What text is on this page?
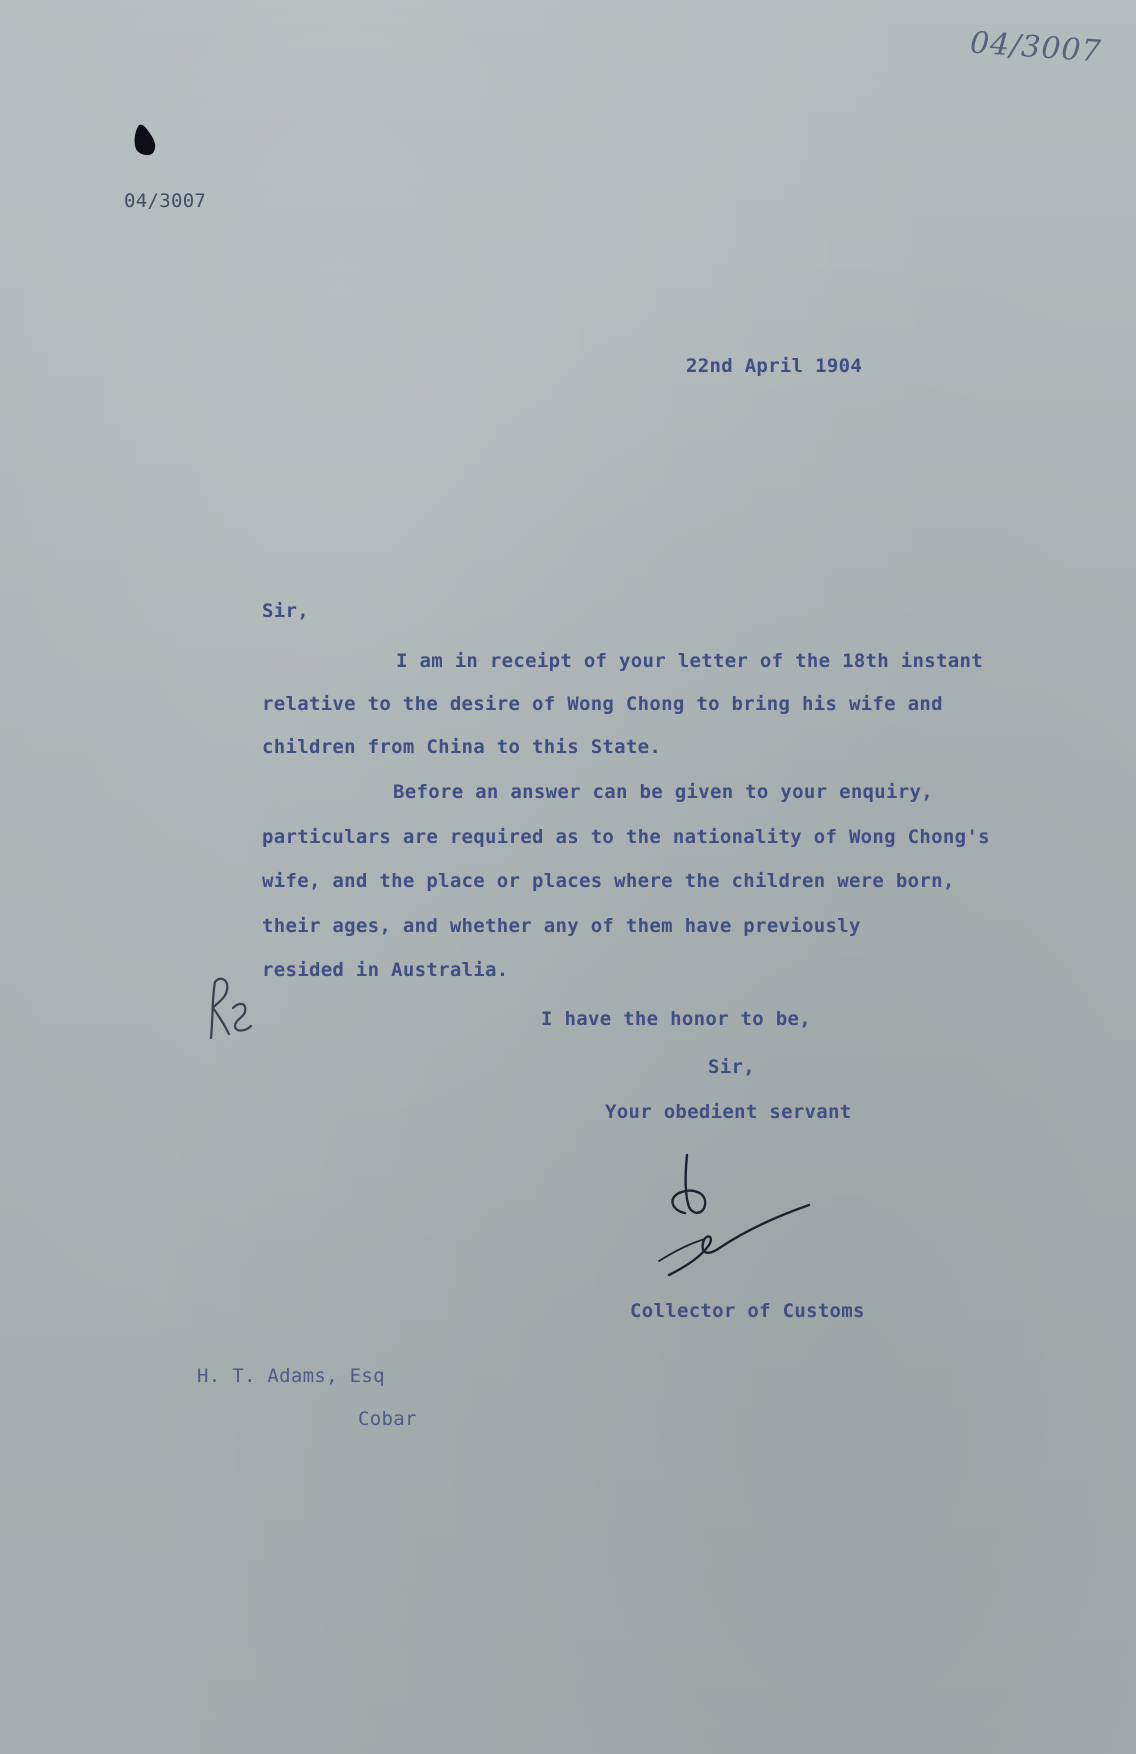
04/3007
04/3007
22nd April 1904
Sir,
I am in receipt of your letter of the 18th instant
relative to the desire of Wong Chong to bring his wife and
children from China to this State.
Before an answer can be given to your enquiry,
particulars are required as to the nationality of Wong Chong's
wife, and the place or places where the children were born,
their ages, and whether any of them have previously
resided in Australia.
I have the honor to be,
Sir,
Your obedient servant
Collector of Customs
H. T. Adams, Esq
Cobar
